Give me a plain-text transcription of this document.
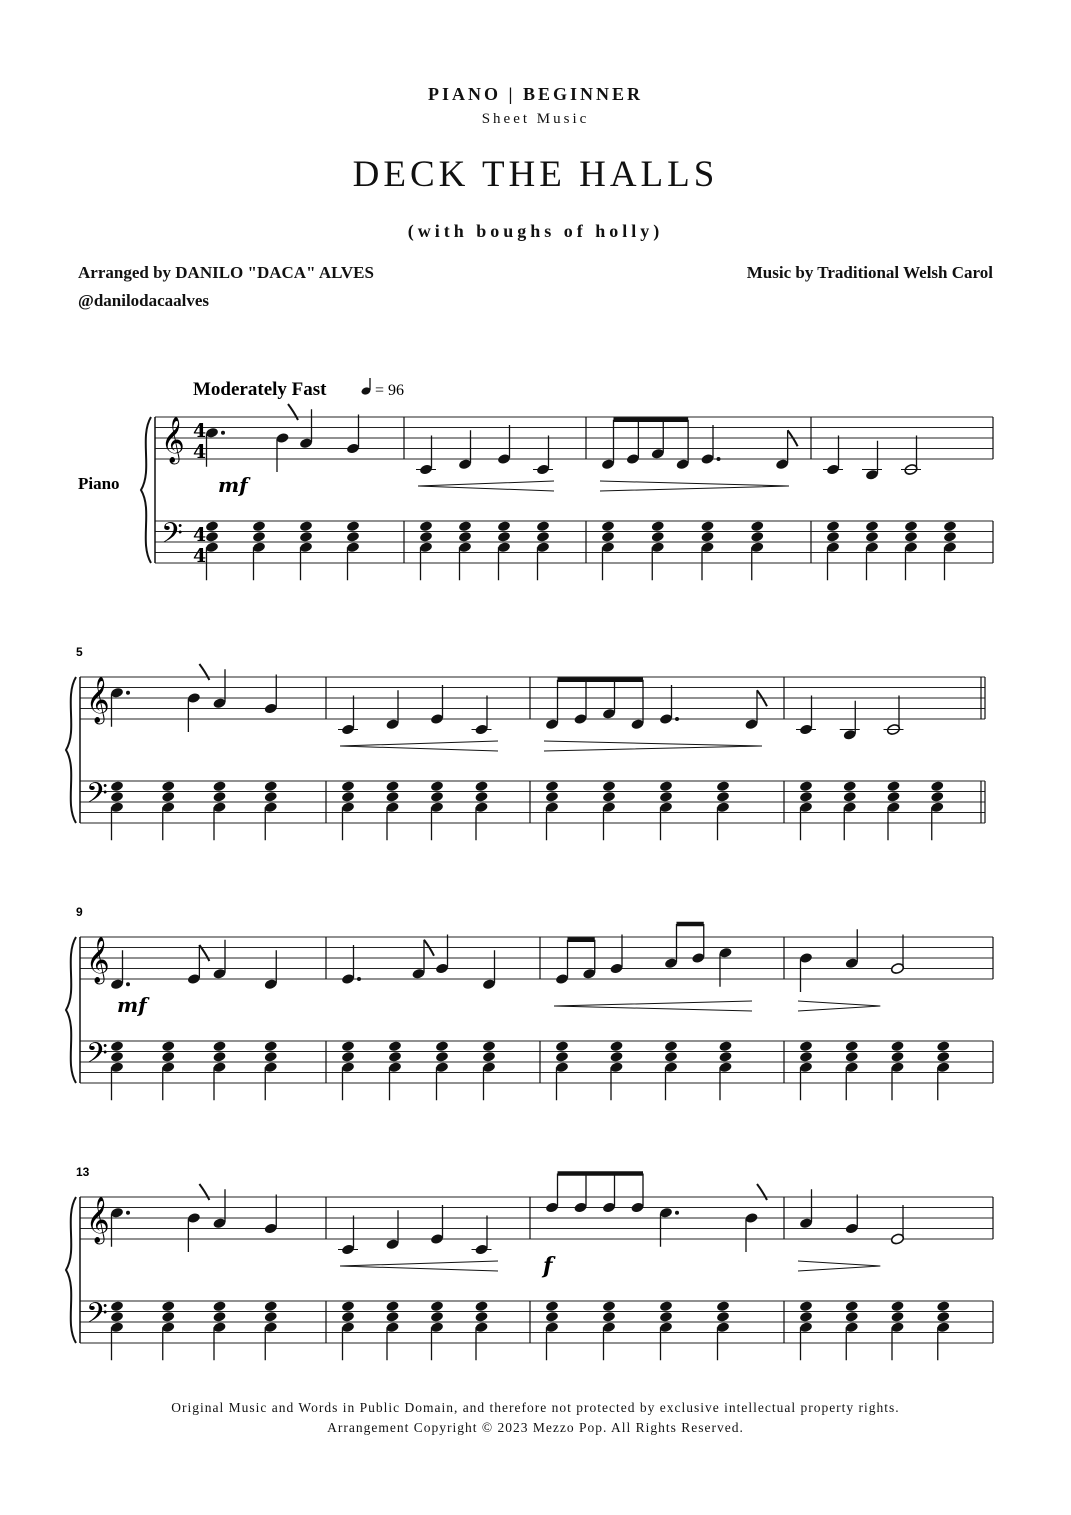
PIANO | BEGINNER
Sheet Music
DECK THE HALLS
(with boughs of holly)
Arranged by DANILO "DACA" ALVES
@danilodacaalves
Music by Traditional Welsh Carol
Moderately Fast	= 96
Piano
5
9
13
mf
mf
f
𝄞
𝄢
4
4
4
4
𝄞
𝄢
𝄞
𝄢
𝄞
𝄢
Original Music and Words in Public Domain, and therefore not protected by exclusive intellectual property rights.
Arrangement Copyright © 2023 Mezzo Pop. All Rights Reserved.
